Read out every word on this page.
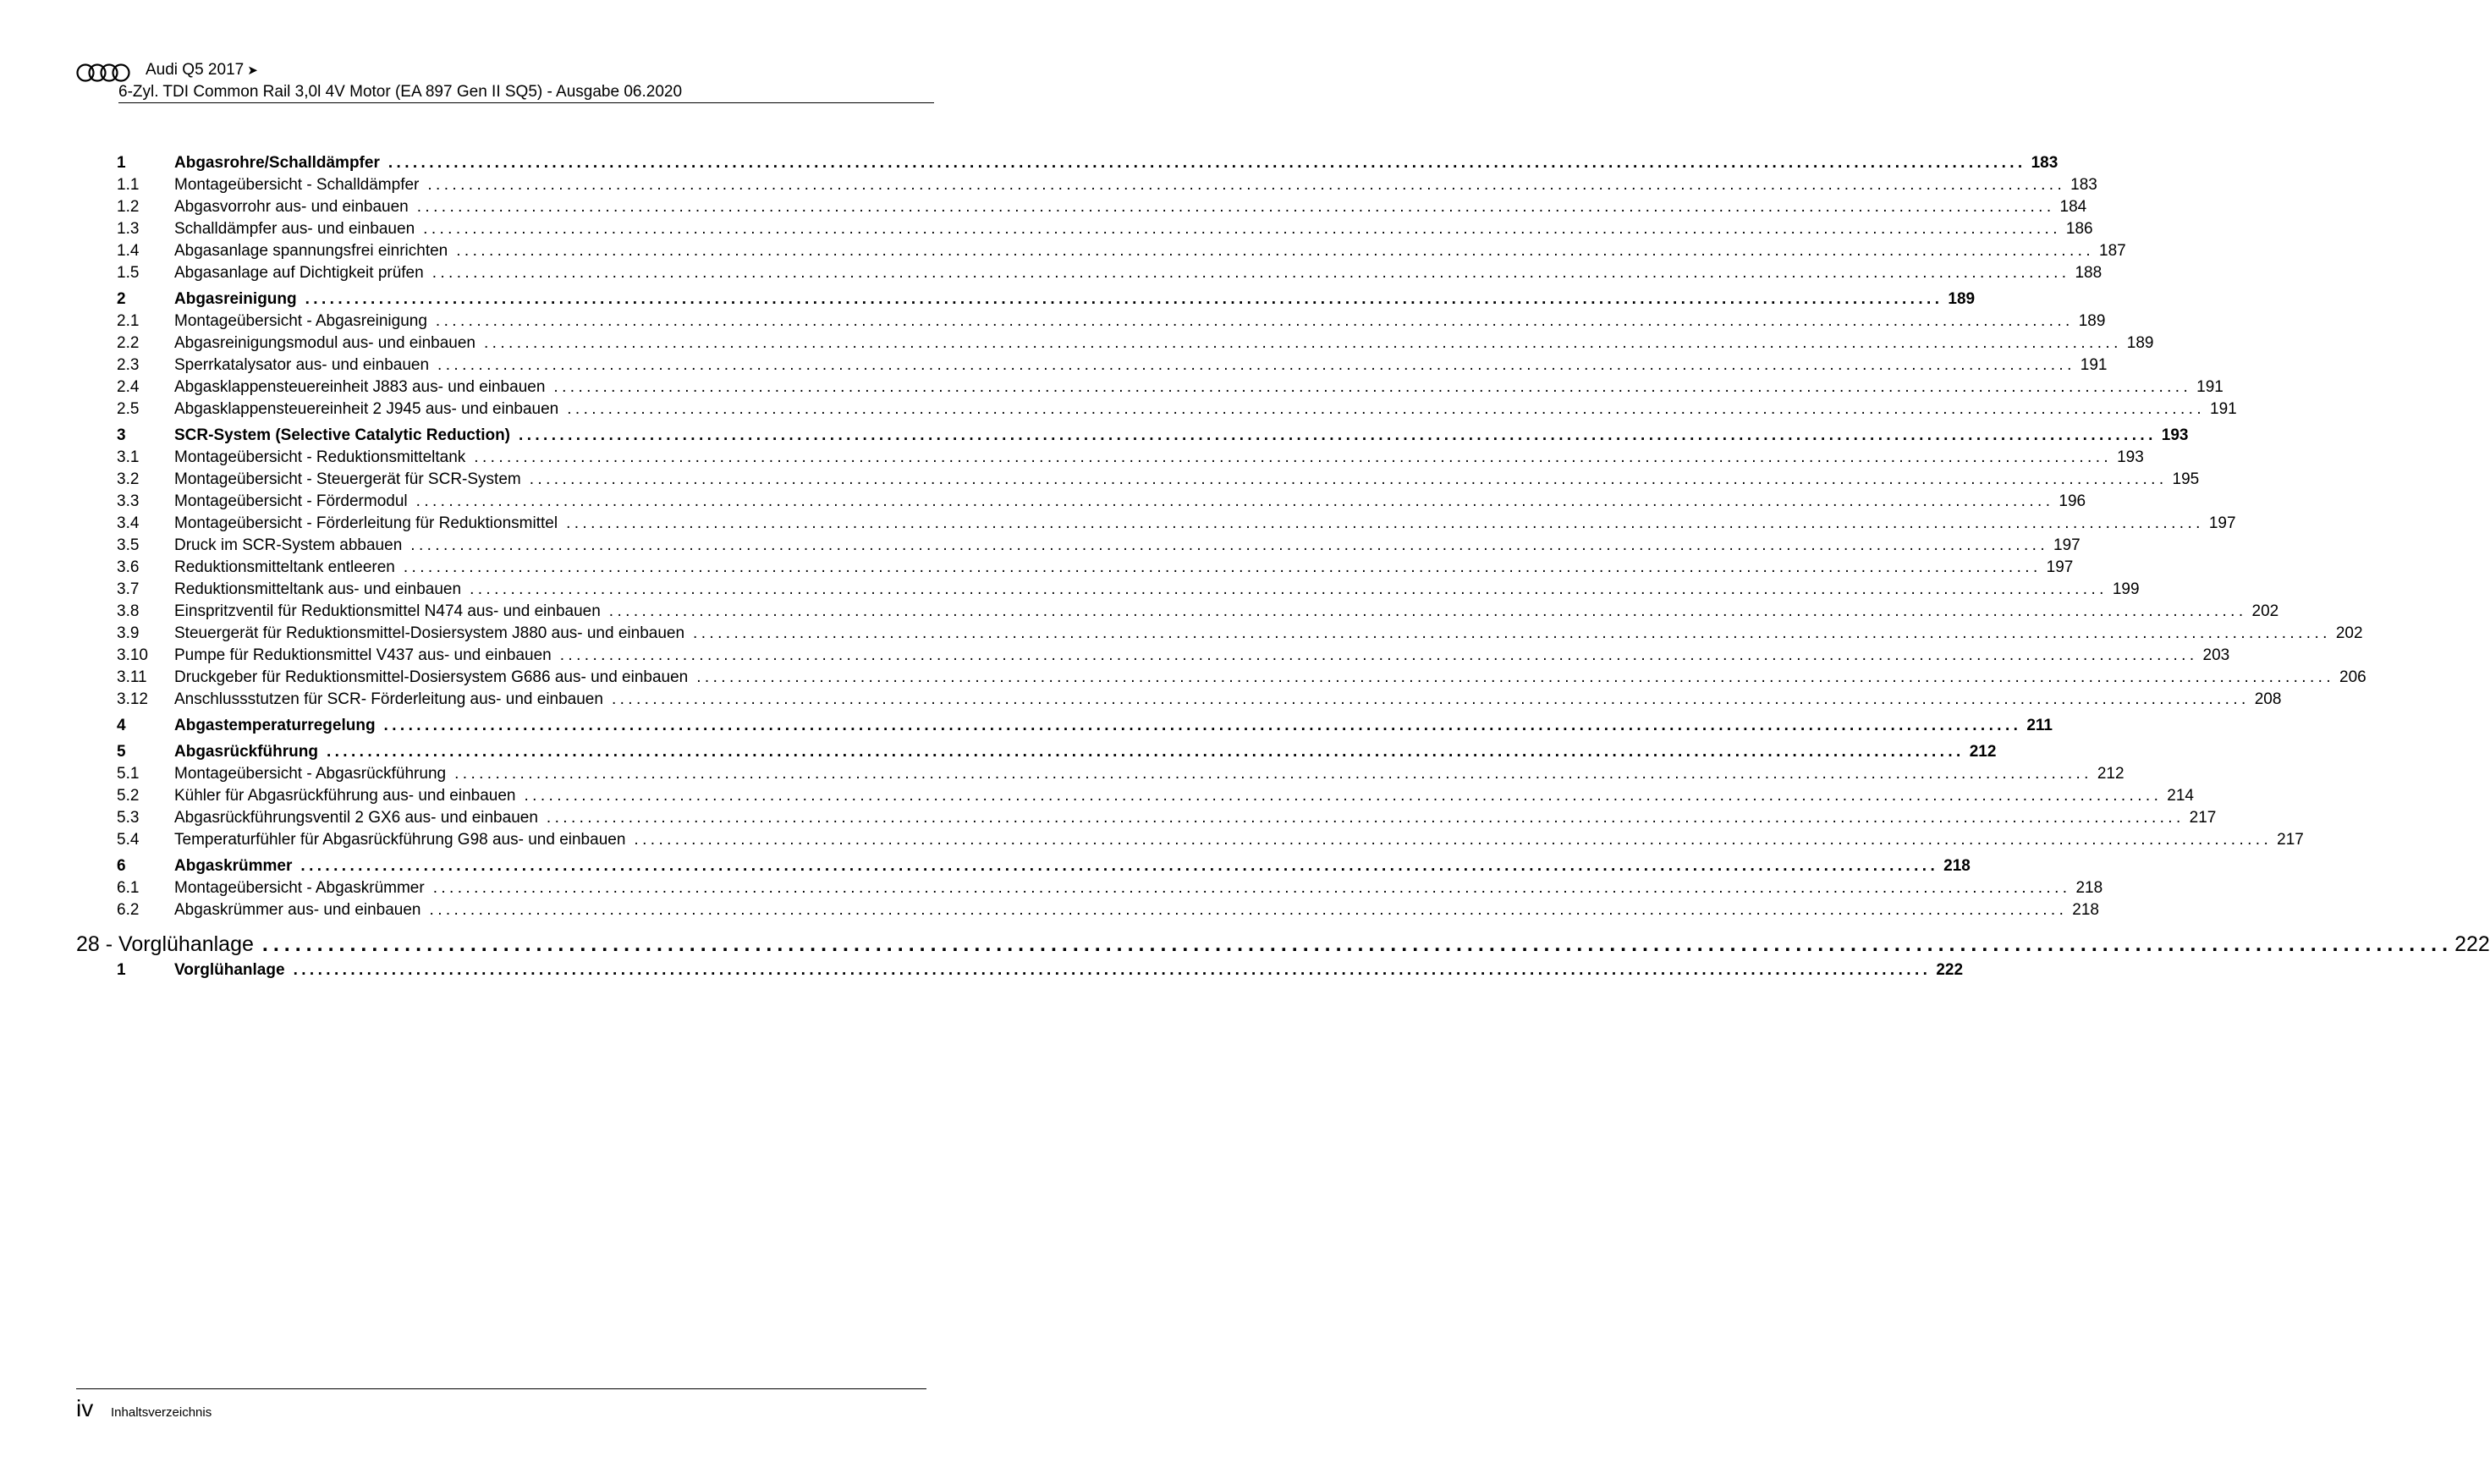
Audi Q5 2017 ➤
6-Zyl. TDI Common Rail 3,0l 4V Motor (EA 897 Gen II SQ5) - Ausgabe 06.2020
1	Abgasrohre/Schalldämpfer ........................................................................................................................................................................................................ 183
1.1	Montageübersicht - Schalldämpfer ........................................................................................................................................................................................................ 183
1.2	Abgasvorrohr aus- und einbauen ........................................................................................................................................................................................................ 184
1.3	Schalldämpfer aus- und einbauen ........................................................................................................................................................................................................ 186
1.4	Abgasanlage spannungsfrei einrichten ........................................................................................................................................................................................................ 187
1.5	Abgasanlage auf Dichtigkeit prüfen ........................................................................................................................................................................................................ 188
2	Abgasreinigung ........................................................................................................................................................................................................ 189
2.1	Montageübersicht - Abgasreinigung ........................................................................................................................................................................................................ 189
2.2	Abgasreinigungsmodul aus- und einbauen ........................................................................................................................................................................................................ 189
2.3	Sperrkatalysator aus- und einbauen ........................................................................................................................................................................................................ 191
2.4	Abgasklappensteuereinheit J883 aus- und einbauen ........................................................................................................................................................................................................ 191
2.5	Abgasklappensteuereinheit 2 J945 aus- und einbauen ........................................................................................................................................................................................................ 191
3	SCR-System (Selective Catalytic Reduction) ........................................................................................................................................................................................................ 193
3.1	Montageübersicht - Reduktionsmitteltank ........................................................................................................................................................................................................ 193
3.2	Montageübersicht - Steuergerät für SCR-System ........................................................................................................................................................................................................ 195
3.3	Montageübersicht - Fördermodul ........................................................................................................................................................................................................ 196
3.4	Montageübersicht - Förderleitung für Reduktionsmittel ........................................................................................................................................................................................................ 197
3.5	Druck im SCR-System abbauen ........................................................................................................................................................................................................ 197
3.6	Reduktionsmitteltank entleeren ........................................................................................................................................................................................................ 197
3.7	Reduktionsmitteltank aus- und einbauen ........................................................................................................................................................................................................ 199
3.8	Einspritzventil für Reduktionsmittel N474 aus- und einbauen ........................................................................................................................................................................................................ 202
3.9	Steuergerät für Reduktionsmittel-Dosiersystem J880 aus- und einbauen ........................................................................................................................................................................................................ 202
3.10	Pumpe für Reduktionsmittel V437 aus- und einbauen ........................................................................................................................................................................................................ 203
3.11	Druckgeber für Reduktionsmittel-Dosiersystem G686 aus- und einbauen ........................................................................................................................................................................................................ 206
3.12	Anschlussstutzen für SCR- Förderleitung aus- und einbauen ........................................................................................................................................................................................................ 208
4	Abgastemperaturregelung ........................................................................................................................................................................................................ 211
5	Abgasrückführung ........................................................................................................................................................................................................ 212
5.1	Montageübersicht - Abgasrückführung ........................................................................................................................................................................................................ 212
5.2	Kühler für Abgasrückführung aus- und einbauen ........................................................................................................................................................................................................ 214
5.3	Abgasrückführungsventil 2 GX6 aus- und einbauen ........................................................................................................................................................................................................ 217
5.4	Temperaturfühler für Abgasrückführung G98 aus- und einbauen ........................................................................................................................................................................................................ 217
6	Abgaskrümmer ........................................................................................................................................................................................................ 218
6.1	Montageübersicht - Abgaskrümmer ........................................................................................................................................................................................................ 218
6.2	Abgaskrümmer aus- und einbauen ........................................................................................................................................................................................................ 218
28 - Vorglühanlage ........................................................................................................................................................................................................ 222
1	Vorglühanlage ........................................................................................................................................................................................................ 222
iv Inhaltsverzeichnis
